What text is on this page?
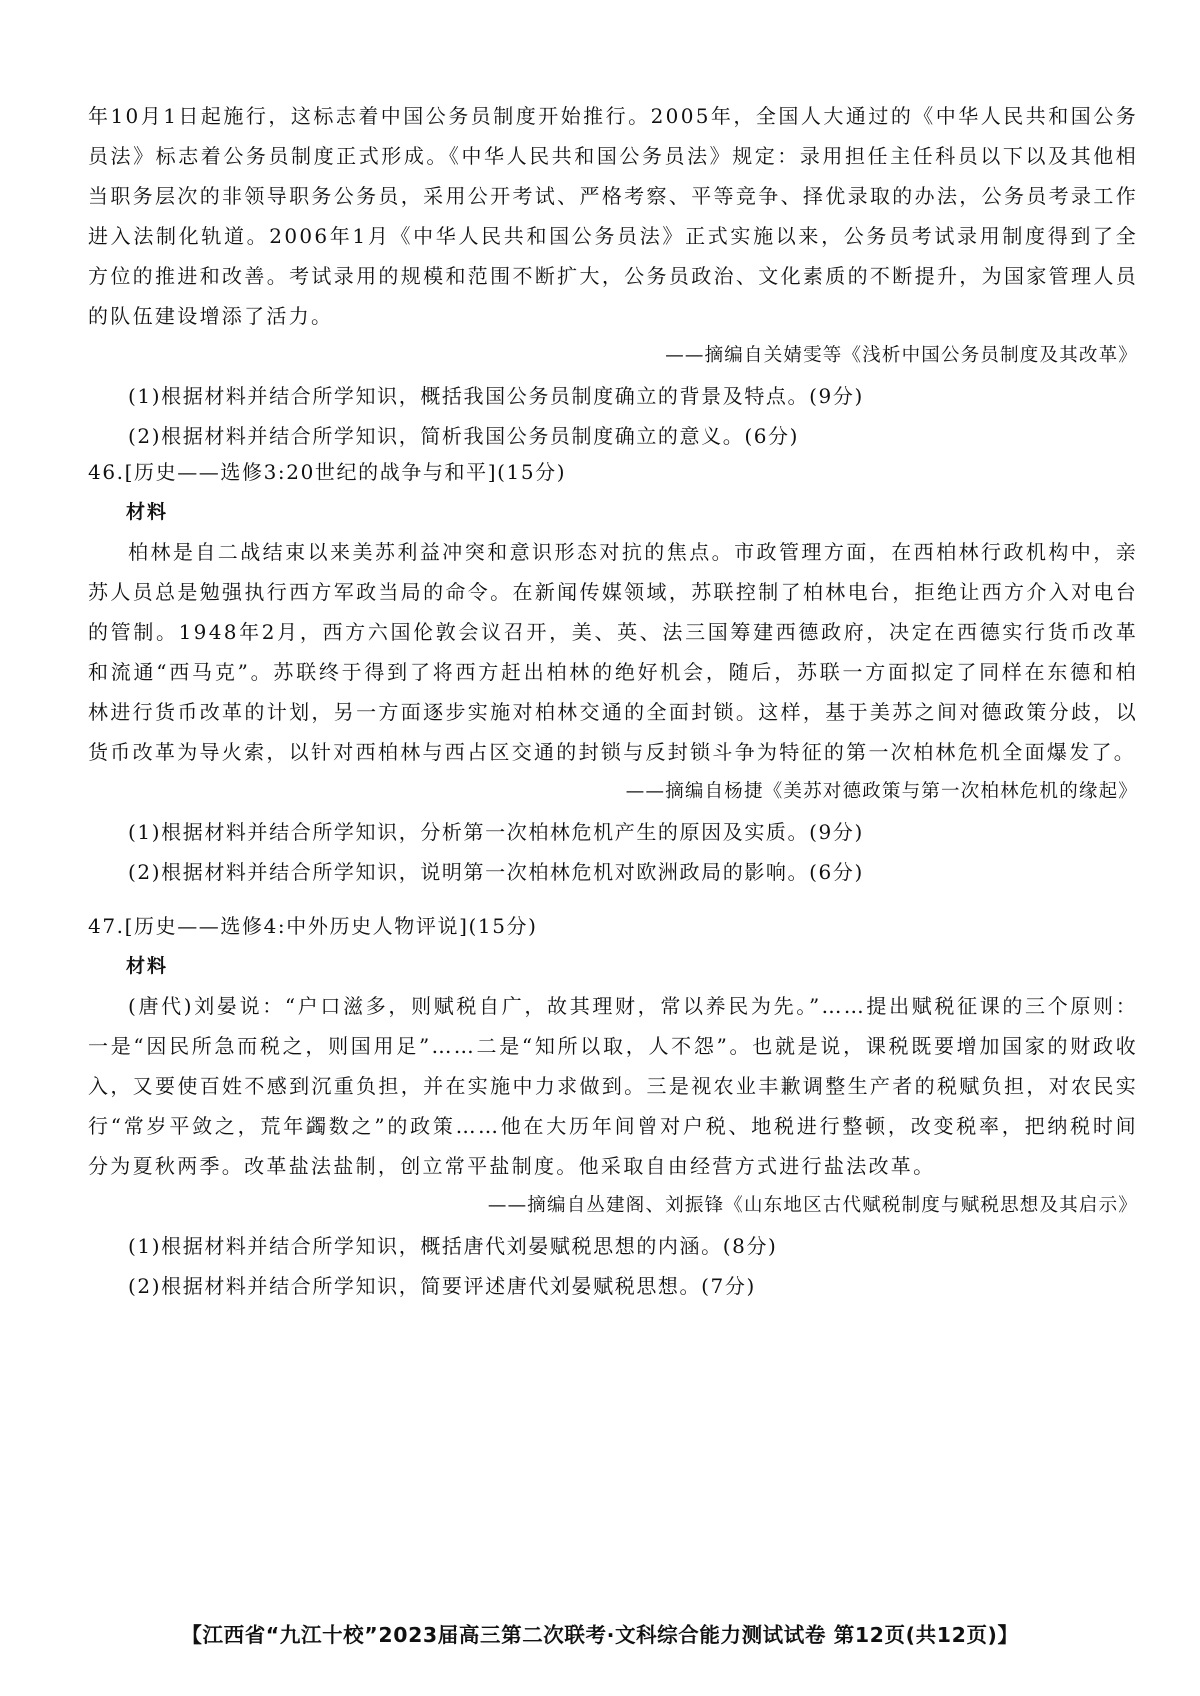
年10月1日起施行，这标志着中国公务员制度开始推行。2005年，全国人大通过的《中华人民共和国公务员法》标志着公务员制度正式形成。《中华人民共和国公务员法》规定：录用担任主任科员以下以及其他相当职务层次的非领导职务公务员，采用公开考试、严格考察、平等竞争、择优录取的办法，公务员考录工作进入法制化轨道。2006年1月《中华人民共和国公务员法》正式实施以来，公务员考试录用制度得到了全方位的推进和改善。考试录用的规模和范围不断扩大，公务员政治、文化素质的不断提升，为国家管理人员的队伍建设增添了活力。

——摘编自关婧雯等《浅析中国公务员制度及其改革》

(1)根据材料并结合所学知识，概括我国公务员制度确立的背景及特点。(9分)

(2)根据材料并结合所学知识，简析我国公务员制度确立的意义。(6分)

46.[历史——选修3:20世纪的战争与和平](15分)

材料

柏林是自二战结束以来美苏利益冲突和意识形态对抗的焦点。市政管理方面，在西柏林行政机构中，亲苏人员总是勉强执行西方军政当局的命令。在新闻传媒领域，苏联控制了柏林电台，拒绝让西方介入对电台的管制。1948年2月，西方六国伦敦会议召开，美、英、法三国筹建西德政府，决定在西德实行货币改革和流通“西马克”。苏联终于得到了将西方赶出柏林的绝好机会，随后，苏联一方面拟定了同样在东德和柏林进行货币改革的计划，另一方面逐步实施对柏林交通的全面封锁。这样，基于美苏之间对德政策分歧，以货币改革为导火索，以针对西柏林与西占区交通的封锁与反封锁斗争为特征的第一次柏林危机全面爆发了。

——摘编自杨捷《美苏对德政策与第一次柏林危机的缘起》

(1)根据材料并结合所学知识，分析第一次柏林危机产生的原因及实质。(9分)

(2)根据材料并结合所学知识，说明第一次柏林危机对欧洲政局的影响。(6分)

47.[历史——选修4:中外历史人物评说](15分)

材料

(唐代)刘晏说：“户口滋多，则赋税自广，故其理财，常以养民为先。”……提出赋税征课的三个原则：一是“因民所急而税之，则国用足”……二是“知所以取，人不怨”。也就是说，课税既要增加国家的财政收入，又要使百姓不感到沉重负担，并在实施中力求做到。三是视农业丰歉调整生产者的税赋负担，对农民实行“常岁平敛之，荒年蠲数之”的政策……他在大历年间曾对户税、地税进行整顿，改变税率，把纳税时间分为夏秋两季。改革盐法盐制，创立常平盐制度。他采取自由经营方式进行盐法改革。

——摘编自丛建阁、刘振锋《山东地区古代赋税制度与赋税思想及其启示》

(1)根据材料并结合所学知识，概括唐代刘晏赋税思想的内涵。(8分)

(2)根据材料并结合所学知识，简要评述唐代刘晏赋税思想。(7分)

【江西省“九江十校”2023届高三第二次联考·文科综合能力测试试卷 第12页(共12页)】
